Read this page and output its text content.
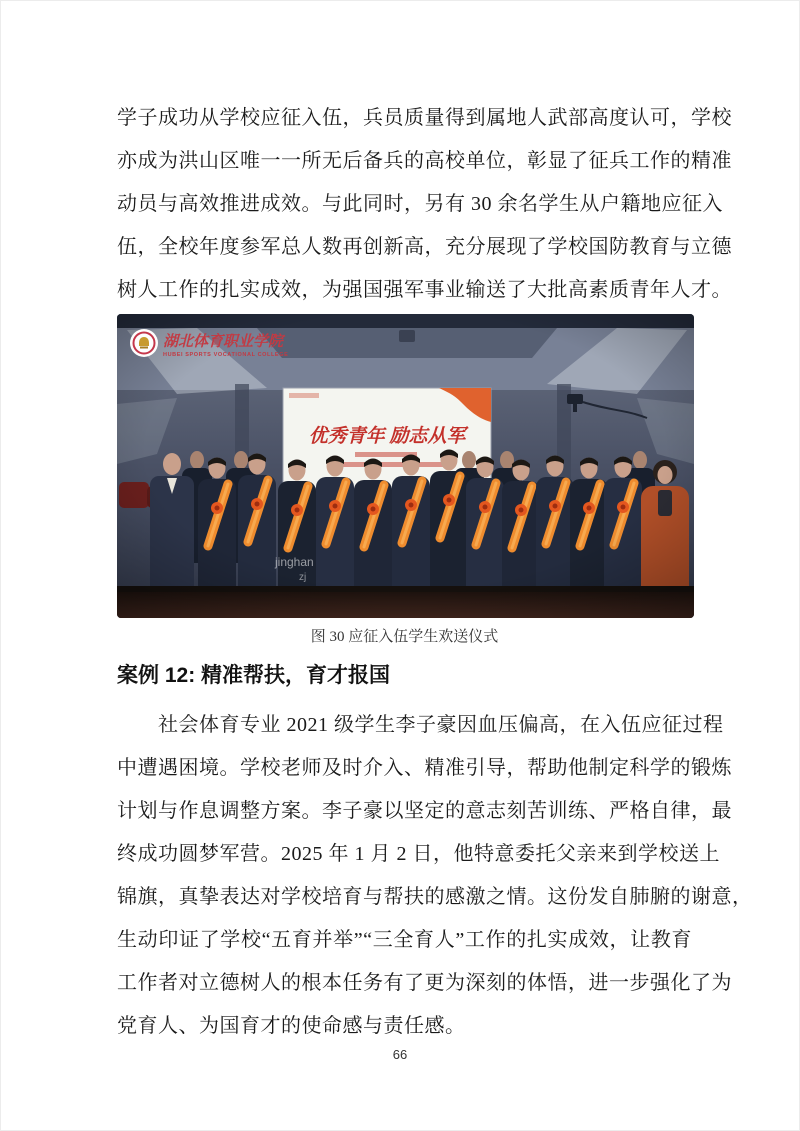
学子成功从学校应征入伍，兵员质量得到属地人武部高度认可，学校
亦成为洪山区唯一一所无后备兵的高校单位，彰显了征兵工作的精准
动员与高效推进成效。与此同时，另有 30 余名学生从户籍地应征入
伍，全校年度参军总人数再创新高，充分展现了学校国防教育与立德
树人工作的扎实成效，为强国强军事业输送了大批高素质青年人才。
湖北体育职业学院
HUBEI SPORTS VOCATIONAL COLLEGE
图 30 应征入伍学生欢送仪式
案例 12: 精准帮扶，育才报国
　　社会体育专业 2021 级学生李子豪因血压偏高，在入伍应征过程
中遭遇困境。学校老师及时介入、精准引导，帮助他制定科学的锻炼
计划与作息调整方案。李子豪以坚定的意志刻苦训练、严格自律，最
终成功圆梦军营。2025 年 1 月 2 日，他特意委托父亲来到学校送上
锦旗，真挚表达对学校培育与帮扶的感激之情。这份发自肺腑的谢意，
生动印证了学校“五育并举”“三全育人”工作的扎实成效，让教育
工作者对立德树人的根本任务有了更为深刻的体悟，进一步强化了为
党育人、为国育才的使命感与责任感。
66
